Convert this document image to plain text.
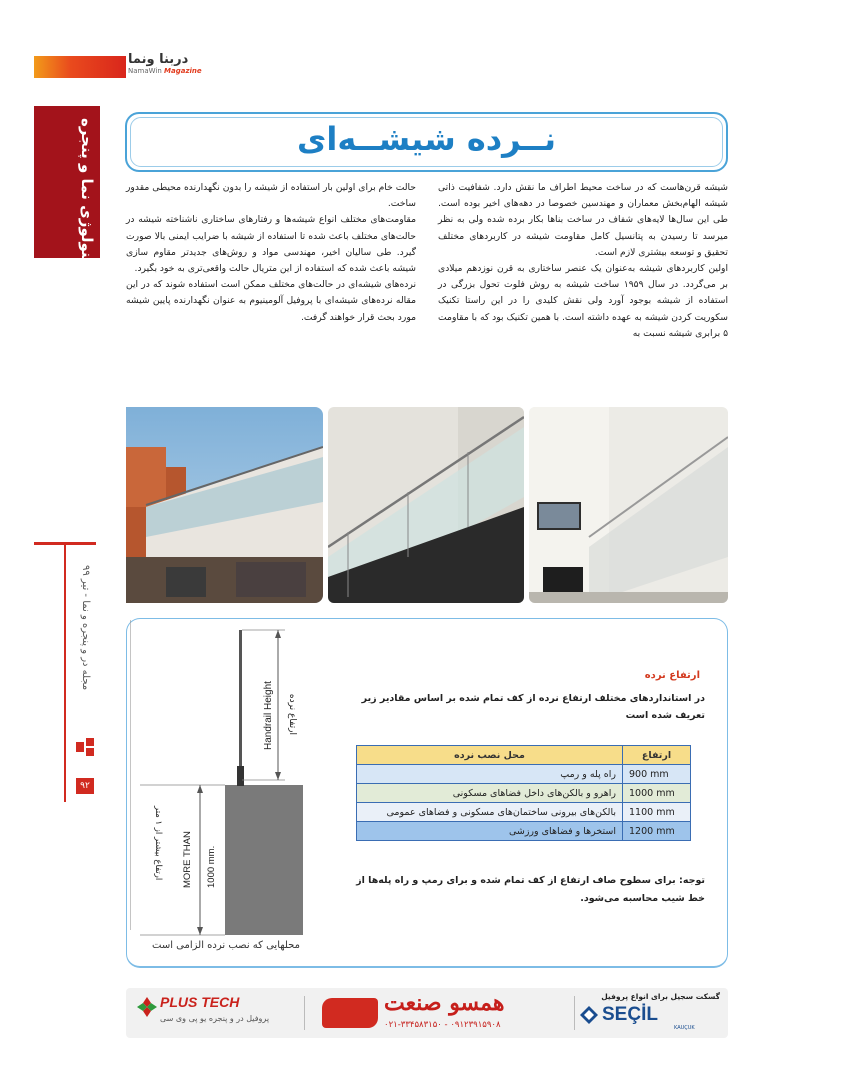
دربنا ونما
NamaWin Magazine
تکنولوژی نما و پنجره
مجله در و پنجره و نما - تیر ۹۹
۹۲
نــرده شیشــه‌ای

شیشه قرن‌هاست که در ساخت محیط اطراف ما نقش دارد. شفافیت ذاتی شیشه الهام‌بخش معماران و مهندسین خصوصا در دهه‌های اخیر بوده است. طی این سال‌ها لایه‌های شفاف در ساخت بناها بکار برده شده ولی به نظر میرسد تا رسیدن به پتانسیل کامل مقاومت شیشه در کاربردهای مختلف تحقیق و توسعه بیشتری لازم است.

اولین کاربردهای شیشه به‌عنوان یک عنصر ساختاری به قرن نوزدهم میلادی بر می‌گردد. در سال ۱۹۵۹ ساخت شیشه به روش فلوت تحول بزرگی در استفاده از شیشه بوجود آورد ولی نقش کلیدی را در این راستا تکنیک سکوریت کردن شیشه به عهده داشته است. با همین تکنیک بود که با مقاومت ۵ برابری شیشه نسبت به

حالت خام برای اولین بار استفاده از شیشه را بدون نگهدارنده محیطی مقدور ساخت.

مقاومت‌های مختلف انواع شیشه‌ها و رفتارهای ساختاری ناشناخته شیشه در حالت‌های مختلف باعث شده تا استفاده از شیشه با ضرایب ایمنی بالا صورت گیرد. طی سالیان اخیر، مهندسی مواد و روش‌های جدیدتر مقاوم سازی شیشه باعث شده که استفاده از این متریال حالت واقعی‌تری به خود بگیرد.

نرده‌های شیشه‌ای در حالت‌های مختلف ممکن است استفاده شوند که در این مقاله نرده‌های شیشه‌ای با پروفیل آلومینیوم به عنوان نگهدارنده پایین شیشه مورد بحث قرار خواهند گرفت.

Handrail Height ارتفاع نرده
MORE THAN 1000 mm.
ارتفاع بیشتر از ۱ متر
محلهایی که نصب نرده الزامی است
ارتفاع نرده
در استانداردهای مختلف ارتفاع نرده از کف تمام شده بر اساس مقادیر زیر تعریف شده است
ارتفاع	محل نصب نرده
900 mm	راه پله و رمپ
1000 mm	راهرو و بالکن‌های داخل فضاهای مسکونی
1100 mm	بالکن‌های بیرونی ساختمان‌های مسکونی و فضاهای عمومی
1200 mm	استخرها و فضاهای ورزشی
توجه: برای سطوح صاف ارتفاع از کف تمام شده و برای رمپ و راه پله‌ها از خط شیب محاسبه می‌شود.
PLUS TECH
پروفیل در و پنجره یو پی وی سی
همسو صنعت
۰۲۱-۳۳۴۵۸۳۱۵۰ - ۰۹۱۲۳۹۱۵۹۰۸
گسکت سجیل برای انواع پروفیل
SEÇİL
KAUÇUK
